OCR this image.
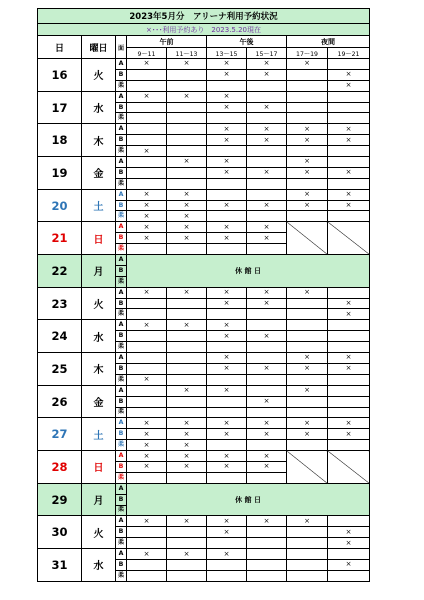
2023年5月分　アリーナ利用予約状況								
×･･･利用予約あり　 2023.5.20現在								
日	曜日	面	午前		午後		夜間	
			9～11	11～13	13～15	15～17	17～19	19～21
16	火	A	×	×	×	×	×	
		B			×	×		×
		柔						×
17	水	A	×	×	×			
		B			×	×		
		柔						
18	木	A			×	×	×	×
		B			×	×	×	×
		柔	×					
19	金	A		×	×		×	
		B			×	×	×	×
		柔						
20	土	A	×	×			×	×
		B	×	×	×	×	×	×
		柔	×	×				
21	日	A	×	×	×	×		
		B	×	×	×	×		
		柔						
22	月	A	休 館 日					
		B						
		柔						
23	火	A	×	×	×	×	×	
		B			×	×		×
		柔						×
24	水	A	×	×	×			
		B			×	×		
		柔						
25	木	A			×		×	×
		B			×	×	×	×
		柔	×					
26	金	A		×	×		×	
		B				×		
		柔						
27	土	A	×	×	×	×	×	×
		B	×	×	×	×	×	×
		柔	×	×				
28	日	A	×	×	×	×		
		B	×	×	×	×		
		柔						
29	月	A	休 館 日					
		B						
		柔						
30	火	A	×	×	×	×	×	
		B			×			×
		柔						×
31	水	A	×	×	×			
		B						×
		柔						
